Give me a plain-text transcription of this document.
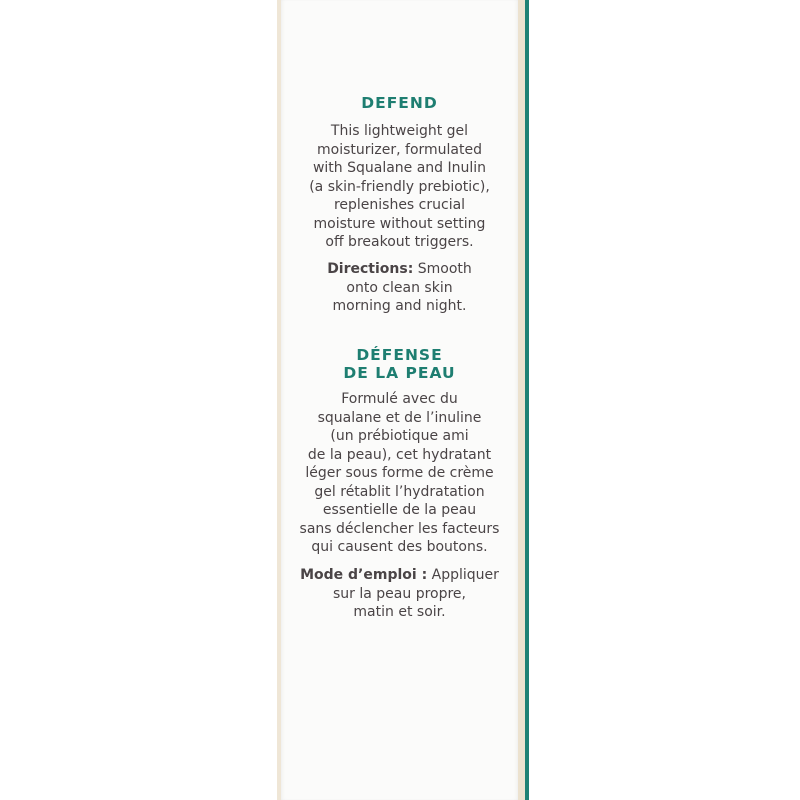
DEFEND

This lightweight gel
moisturizer, formulated
with Squalane and Inulin
(a skin-friendly prebiotic),
replenishes crucial
moisture without setting
off breakout triggers.

Directions: Smooth
onto clean skin
morning and night.

DÉFENSE
DE LA PEAU

Formulé avec du
squalane et de l’inuline
(un prébiotique ami
de la peau), cet hydratant
léger sous forme de crème
gel rétablit l’hydratation
essentielle de la peau
sans déclencher les facteurs
qui causent des boutons.

Mode d’emploi : Appliquer
sur la peau propre,
matin et soir.
